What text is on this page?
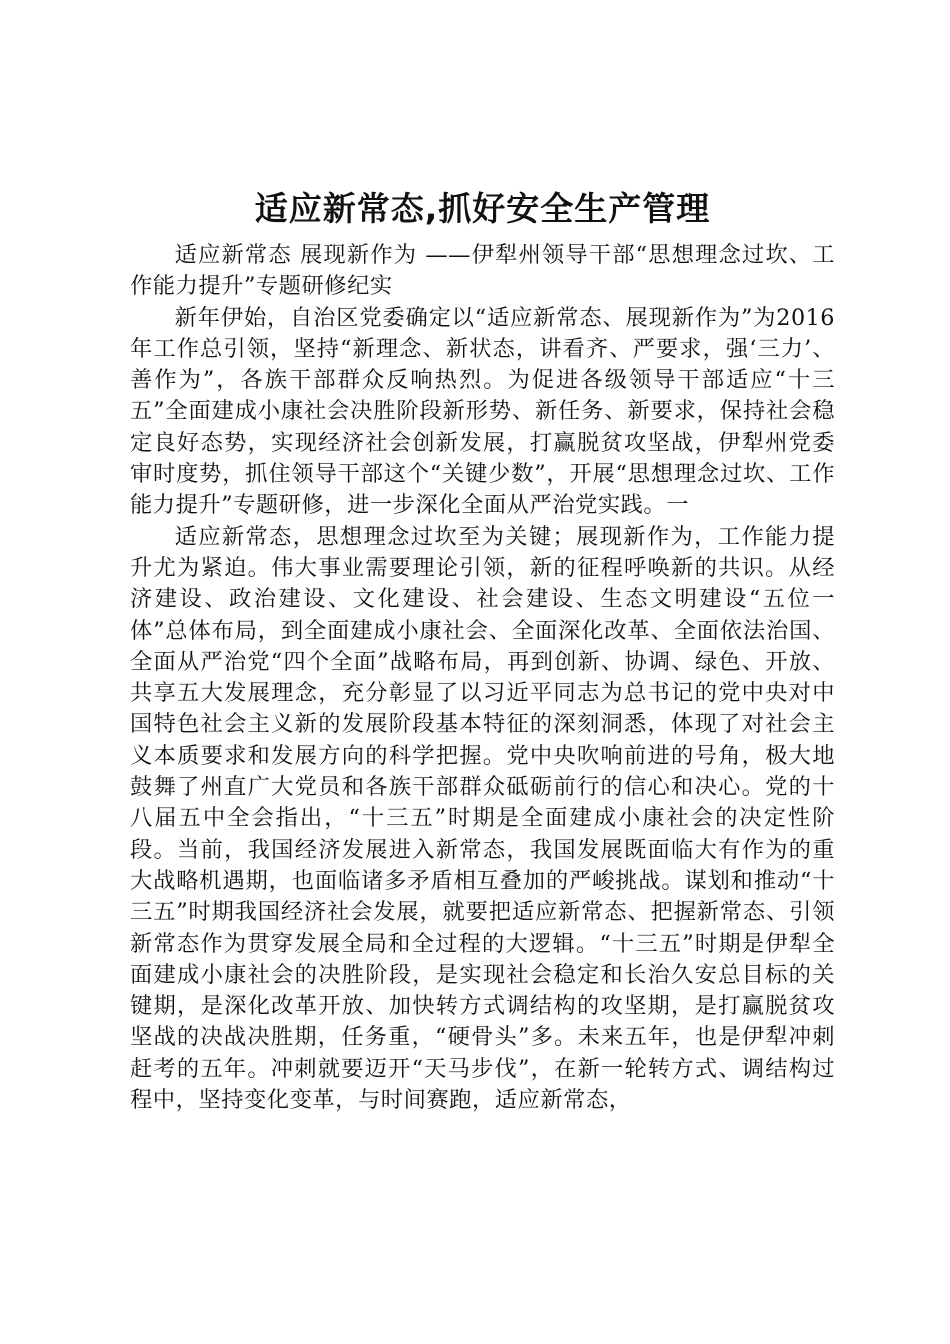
适应新常态,抓好安全生产管理

适应新常态 展现新作为 ——伊犁州领导干部“思想理念过坎、工作能力提升”专题研修纪实

新年伊始，自治区党委确定以“适应新常态、展现新作为”为2016年工作总引领，坚持“新理念、新状态，讲看齐、严要求，强‘三力’、善作为”，各族干部群众反响热烈。为促进各级领导干部适应“十三五”全面建成小康社会决胜阶段新形势、新任务、新要求，保持社会稳定良好态势，实现经济社会创新发展，打赢脱贫攻坚战，伊犁州党委审时度势，抓住领导干部这个“关键少数”，开展“思想理念过坎、工作能力提升”专题研修，进一步深化全面从严治党实践。一

适应新常态，思想理念过坎至为关键；展现新作为，工作能力提升尤为紧迫。伟大事业需要理论引领，新的征程呼唤新的共识。从经济建设、政治建设、文化建设、社会建设、生态文明建设“五位一体”总体布局，到全面建成小康社会、全面深化改革、全面依法治国、全面从严治党“四个全面”战略布局，再到创新、协调、绿色、开放、共享五大发展理念，充分彰显了以习近平同志为总书记的党中央对中国特色社会主义新的发展阶段基本特征的深刻洞悉，体现了对社会主义本质要求和发展方向的科学把握。党中央吹响前进的号角，极大地鼓舞了州直广大党员和各族干部群众砥砺前行的信心和决心。党的十八届五中全会指出，“十三五”时期是全面建成小康社会的决定性阶段。当前，我国经济发展进入新常态，我国发展既面临大有作为的重大战略机遇期，也面临诸多矛盾相互叠加的严峻挑战。谋划和推动“十三五”时期我国经济社会发展，就要把适应新常态、把握新常态、引领新常态作为贯穿发展全局和全过程的大逻辑。“十三五”时期是伊犁全面建成小康社会的决胜阶段，是实现社会稳定和长治久安总目标的关键期，是深化改革开放、加快转方式调结构的攻坚期，是打赢脱贫攻坚战的决战决胜期，任务重，“硬骨头”多。未来五年，也是伊犁冲刺赶考的五年。冲刺就要迈开“天马步伐”，在新一轮转方式、调结构过程中，坚持变化变革，与时间赛跑，适应新常态，
